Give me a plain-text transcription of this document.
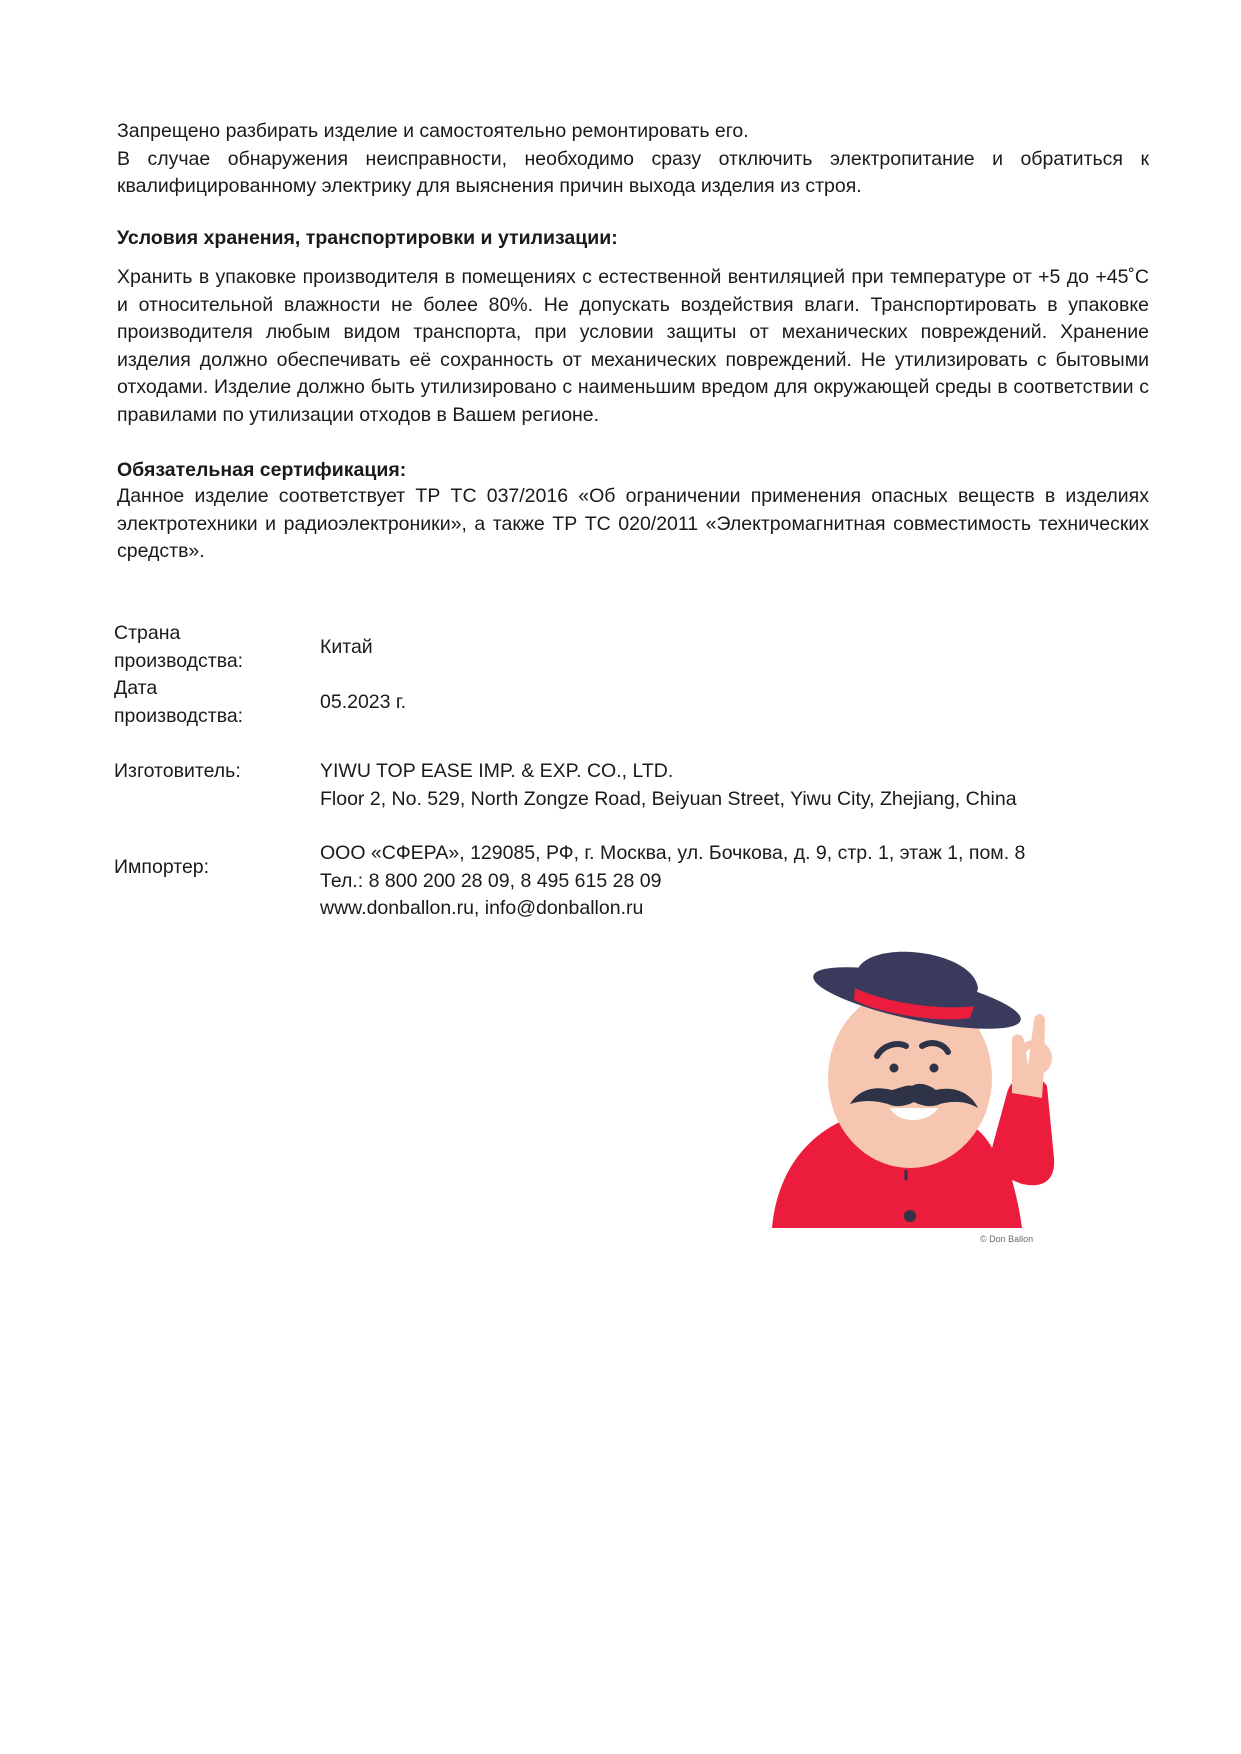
Запрещено разбирать изделие и самостоятельно ремонтировать его.
В случае обнаружения неисправности, необходимо сразу отключить электропитание и обратиться к квалифицированному электрику для выяснения причин выхода изделия из строя.
Условия хранения, транспортировки и утилизации:
Хранить в упаковке производителя в помещениях с естественной вентиляцией при температуре от +5 до +45˚С и относительной влажности не более 80%. Не допускать воздействия влаги. Транспортировать в упаковке производителя любым видом транспорта, при условии защиты от механических повреждений. Хранение изделия должно обеспечивать её сохранность от механических повреждений. Не утилизировать с бытовыми отходами. Изделие должно быть утилизировано с наименьшим вредом для окружающей среды в соответствии с правилами по утилизации отходов в Вашем регионе.
Обязательная сертификация:
Данное изделие соответствует ТР ТС 037/2016 «Об ограничении применения опасных веществ в изделиях электротехники и радиоэлектроники», а также ТР ТС 020/2011 «Электромагнитная совместимость технических средств».
Страна
производства:
Китай
Дата
производства:
05.2023 г.
Изготовитель:	YIWU TOP EASE IMP. & EXP. CO., LTD.
Floor 2, No. 529, North Zongze Road, Beiyuan Street, Yiwu City, Zhejiang, China
Импортер:
ООО «СФЕРА», 129085, РФ, г. Москва, ул. Бочкова, д. 9, стр. 1, этаж 1, пом. 8
Тел.: 8 800 200 28 09, 8 495 615 28 09
www.donballon.ru, info@donballon.ru
© Don Ballon
